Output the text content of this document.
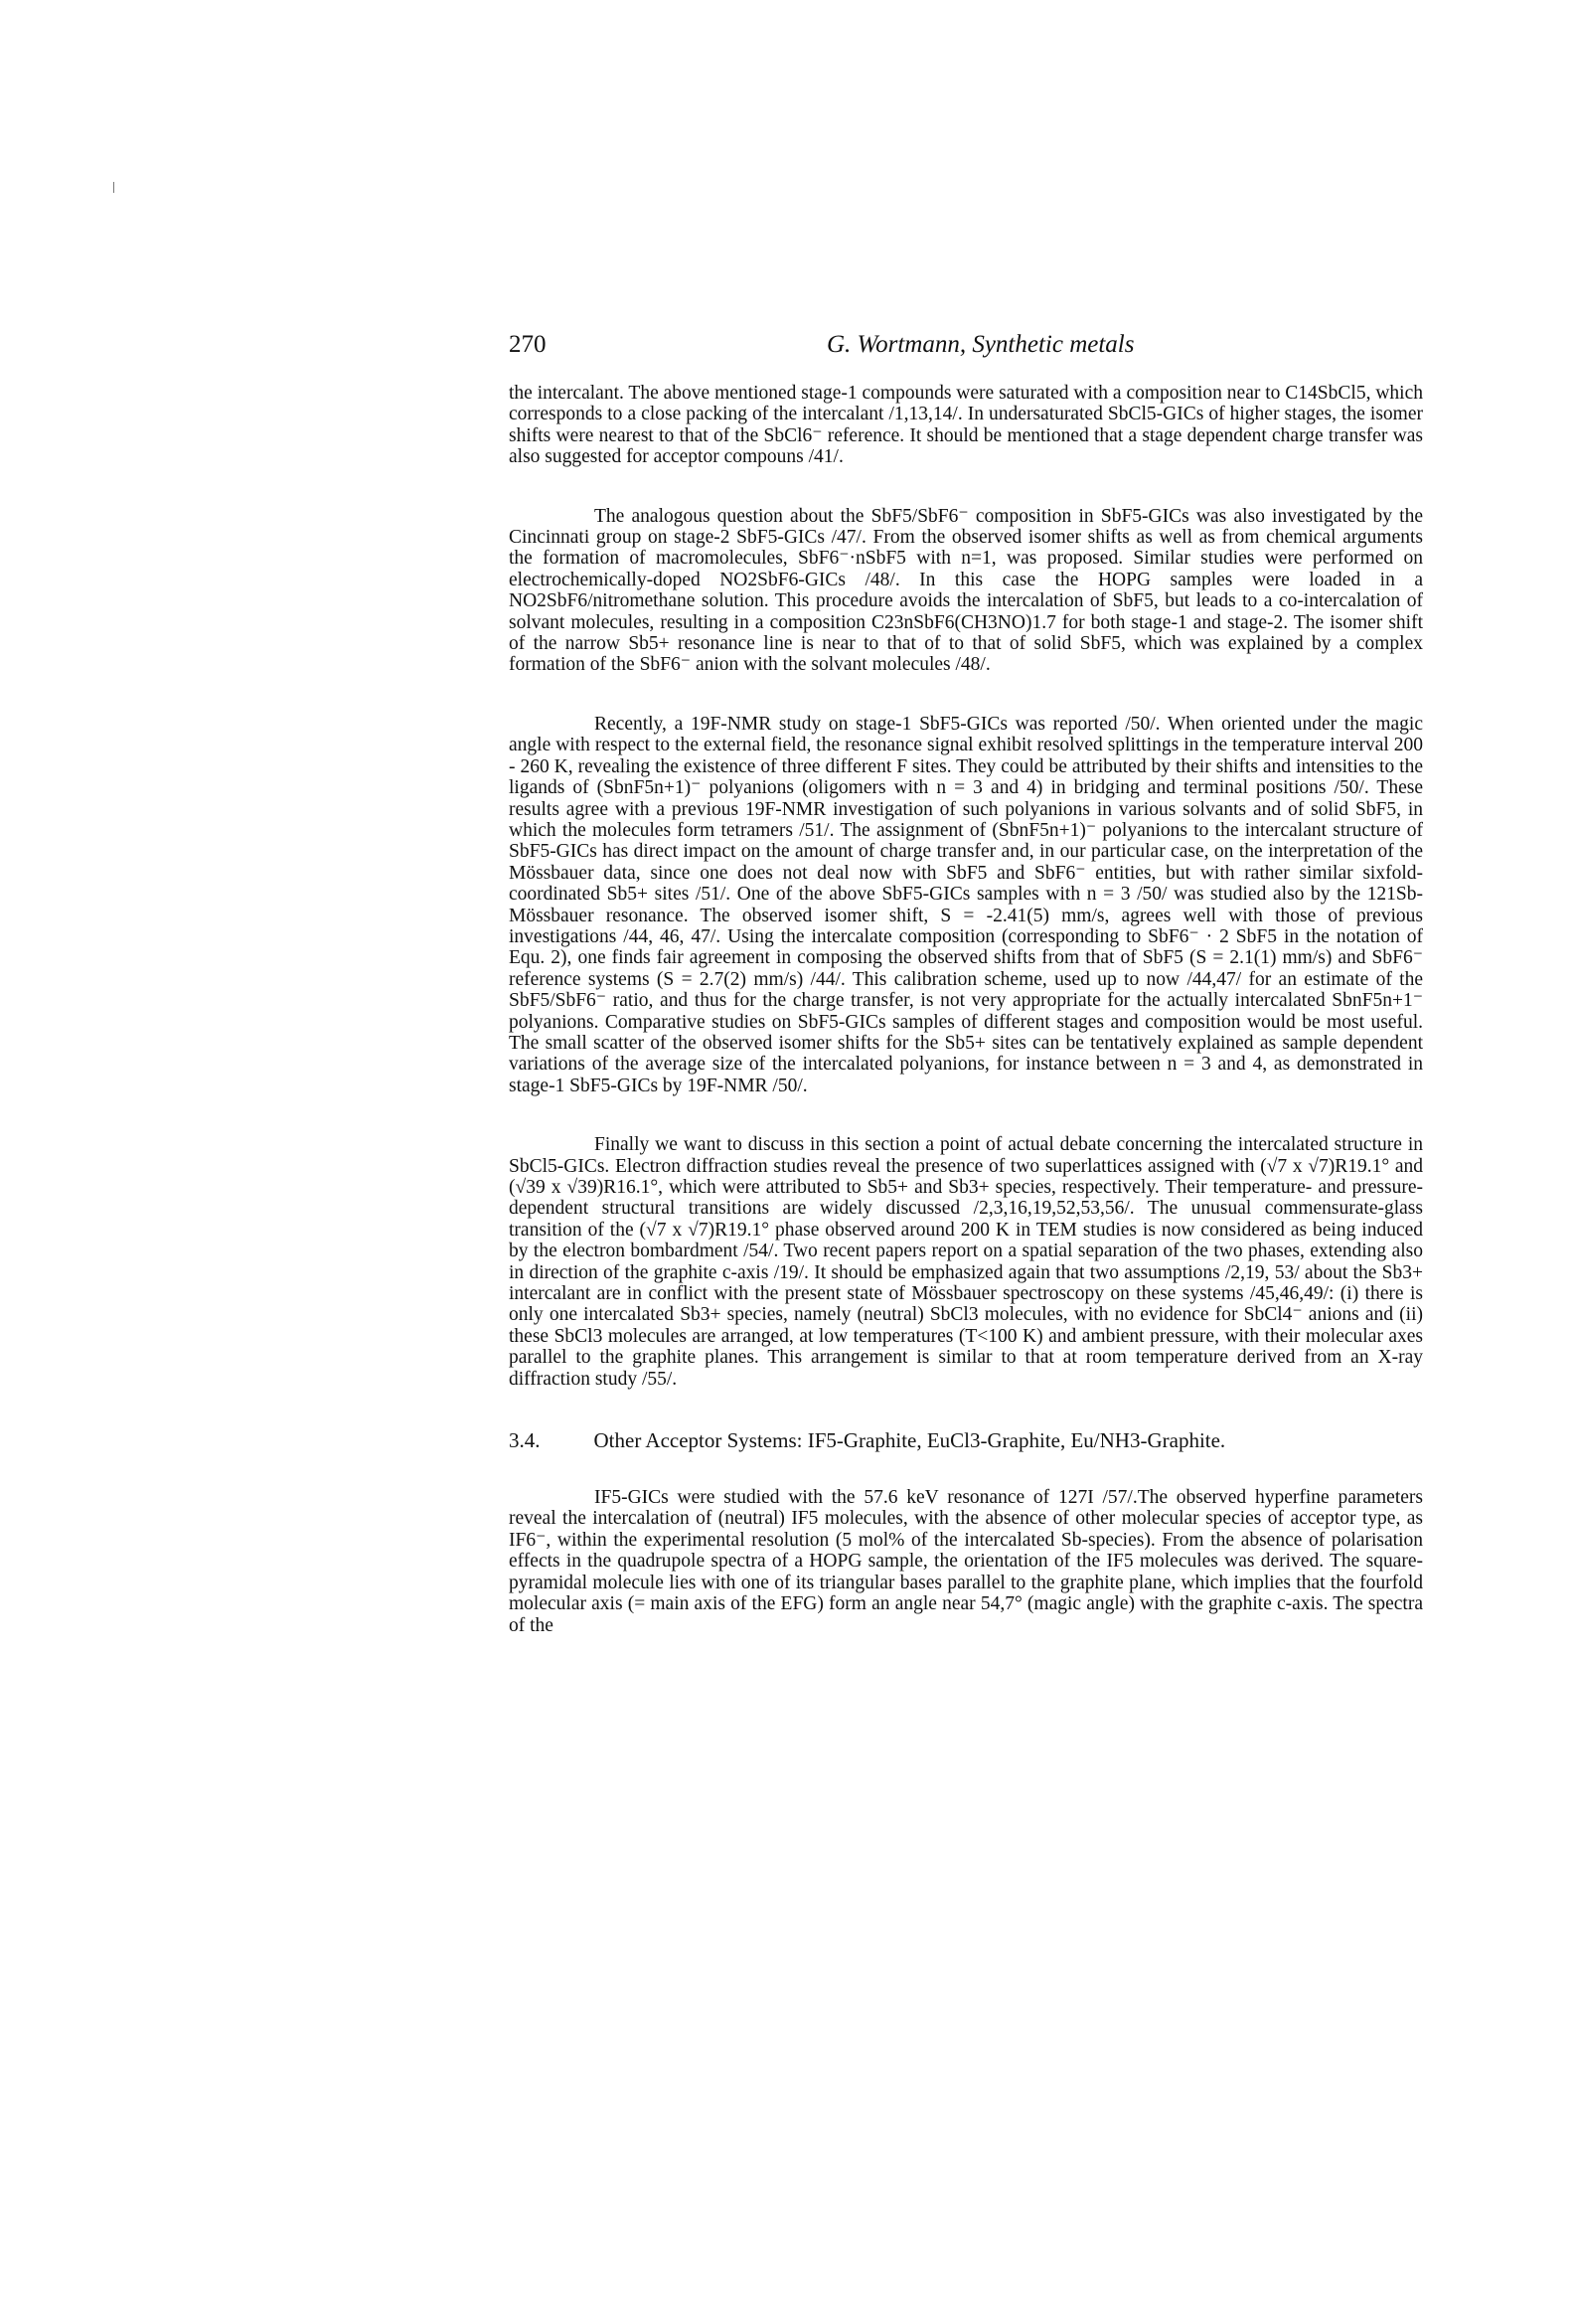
270	G. Wortmann, Synthetic metals

the intercalant. The above mentioned stage-1 compounds were saturated with a composition near to C14SbCl5, which corresponds to a close packing of the intercalant /1,13,14/. In undersaturated SbCl5-GICs of higher stages, the isomer shifts were nearest to that of the SbCl6⁻ reference. It should be mentioned that a stage dependent charge transfer was also suggested for acceptor compouns /41/.

The analogous question about the SbF5/SbF6⁻ composition in SbF5-GICs was also investigated by the Cincinnati group on stage-2 SbF5-GICs /47/. From the observed isomer shifts as well as from chemical arguments the formation of macromolecules, SbF6⁻·nSbF5 with n=1, was proposed. Similar studies were performed on electrochemically-doped NO2SbF6-GICs /48/. In this case the HOPG samples were loaded in a NO2SbF6/nitromethane solution. This procedure avoids the intercalation of SbF5, but leads to a co-intercalation of solvant molecules, resulting in a composition C23nSbF6(CH3NO)1.7 for both stage-1 and stage-2. The isomer shift of the narrow Sb5+ resonance line is near to that of to that of solid SbF5, which was explained by a complex formation of the SbF6⁻ anion with the solvant molecules /48/.

Recently, a 19F-NMR study on stage-1 SbF5-GICs was reported /50/. When oriented under the magic angle with respect to the external field, the resonance signal exhibit resolved splittings in the temperature interval 200 - 260 K, revealing the existence of three different F sites. They could be attributed by their shifts and intensities to the ligands of (SbnF5n+1)⁻ polyanions (oligomers with n = 3 and 4) in bridging and terminal positions /50/. These results agree with a previous 19F-NMR investigation of such polyanions in various solvants and of solid SbF5, in which the molecules form tetramers /51/. The assignment of (SbnF5n+1)⁻ polyanions to the intercalant structure of SbF5-GICs has direct impact on the amount of charge transfer and, in our particular case, on the interpretation of the Mössbauer data, since one does not deal now with SbF5 and SbF6⁻ entities, but with rather similar sixfold-coordinated Sb5+ sites /51/. One of the above SbF5-GICs samples with n = 3 /50/ was studied also by the 121Sb-Mössbauer resonance. The observed isomer shift, S = -2.41(5) mm/s, agrees well with those of previous investigations /44, 46, 47/. Using the intercalate composition (corresponding to SbF6⁻ · 2 SbF5 in the notation of Equ. 2), one finds fair agreement in composing the observed shifts from that of SbF5 (S = 2.1(1) mm/s) and SbF6⁻ reference systems (S = 2.7(2) mm/s) /44/. This calibration scheme, used up to now /44,47/ for an estimate of the SbF5/SbF6⁻ ratio, and thus for the charge transfer, is not very appropriate for the actually intercalated SbnF5n+1⁻ polyanions. Comparative studies on SbF5-GICs samples of different stages and composition would be most useful. The small scatter of the observed isomer shifts for the Sb5+ sites can be tentatively explained as sample dependent variations of the average size of the intercalated polyanions, for instance between n = 3 and 4, as demonstrated in stage-1 SbF5-GICs by 19F-NMR /50/.

Finally we want to discuss in this section a point of actual debate concerning the intercalated structure in SbCl5-GICs. Electron diffraction studies reveal the presence of two superlattices assigned with (√7 x √7)R19.1° and (√39 x √39)R16.1°, which were attributed to Sb5+ and Sb3+ species, respectively. Their temperature- and pressure-dependent structural transitions are widely discussed /2,3,16,19,52,53,56/. The unusual commensurate-glass transition of the (√7 x √7)R19.1° phase observed around 200 K in TEM studies is now considered as being induced by the electron bombardment /54/. Two recent papers report on a spatial separation of the two phases, extending also in direction of the graphite c-axis /19/. It should be emphasized again that two assumptions /2,19, 53/ about the Sb3+ intercalant are in conflict with the present state of Mössbauer spectroscopy on these systems /45,46,49/: (i) there is only one intercalated Sb3+ species, namely (neutral) SbCl3 molecules, with no evidence for SbCl4⁻ anions and (ii) these SbCl3 molecules are arranged, at low temperatures (T<100 K) and ambient pressure, with their molecular axes parallel to the graphite planes. This arrangement is similar to that at room temperature derived from an X-ray diffraction study /55/.

3.4.	Other Acceptor Systems: IF5-Graphite, EuCl3-Graphite, Eu/NH3-Graphite.

IF5-GICs were studied with the 57.6 keV resonance of 127I /57/.The observed hyperfine parameters reveal the intercalation of (neutral) IF5 molecules, with the absence of other molecular species of acceptor type, as IF6⁻, within the experimental resolution (5 mol% of the intercalated Sb-species). From the absence of polarisation effects in the quadrupole spectra of a HOPG sample, the orientation of the IF5 molecules was derived. The square-pyramidal molecule lies with one of its triangular bases parallel to the graphite plane, which implies that the fourfold molecular axis (= main axis of the EFG) form an angle near 54,7° (magic angle) with the graphite c-axis. The spectra of the
